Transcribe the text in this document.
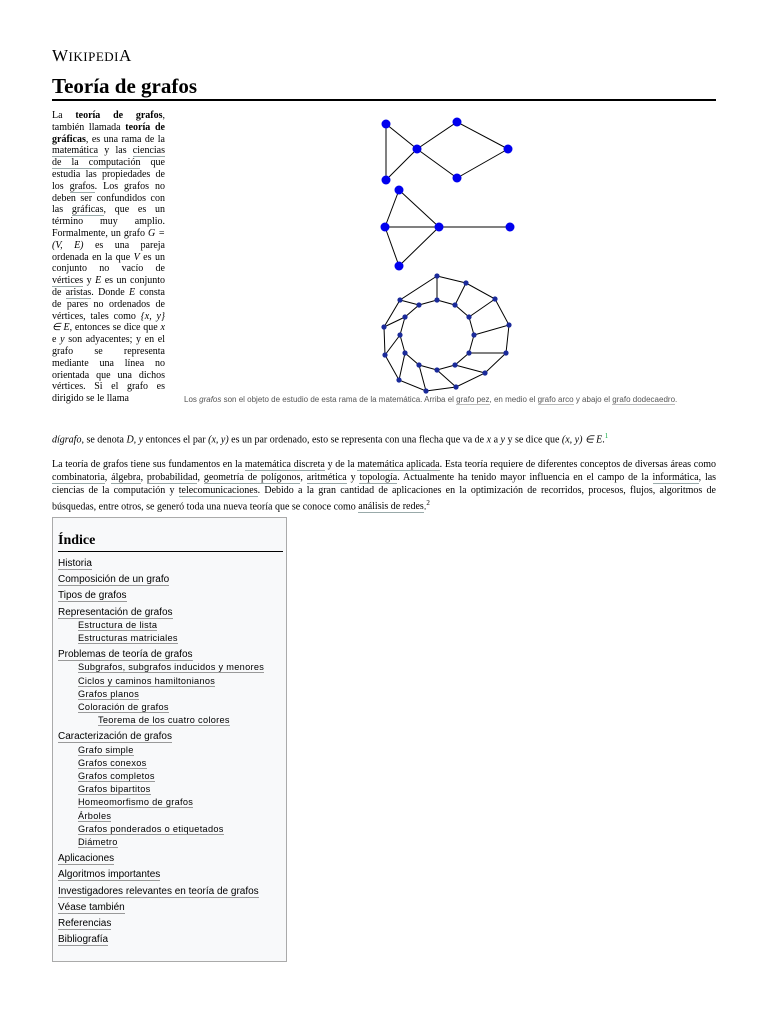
WIKIPEDIA
Teoría de grafos
La teoría de grafos, también llamada teoría de gráficas, es una rama de la matemática y las ciencias de la computación que estudia las propiedades de los grafos. Los grafos no deben ser confundidos con las gráficas, que es un término muy amplio. Formalmente, un grafo G = (V, E) es una pareja ordenada en la que V es un conjunto no vacío de vértices y E es un conjunto de aristas. Donde E consta de pares no ordenados de vértices, tales como {x, y} ∈ E, entonces se dice que x e y son adyacentes; y en el grafo se representa mediante una línea no orientada que una dichos vértices. Si el grafo es dirigido se le llama	Los grafos son el objeto de estudio de esta rama de la matemática. Arriba el grafo pez, en medio el grafo arco y abajo el grafo dodecaedro.
dígrafo, se denota D, y entonces el par (x, y) es un par ordenado, esto se representa con una flecha que va de x a y y se dice que (x, y) ∈ E.$^1$
La teoría de grafos tiene sus fundamentos en la matemática discreta y de la matemática aplicada. Esta teoría requiere de diferentes conceptos de diversas áreas como combinatoria, álgebra, probabilidad, geometría de polígonos, aritmética y topología. Actualmente ha tenido mayor influencia en el campo de la informática, las ciencias de la computación y telecomunicaciones. Debido a la gran cantidad de aplicaciones en la optimización de recorridos, procesos, flujos, algoritmos de búsquedas, entre otros, se generó toda una nueva teoría que se conoce como análisis de redes.$^2$
Índice
Historia
Composición de un grafo
Tipos de grafos
Representación de grafos
Estructura de lista
Estructuras matriciales
Problemas de teoría de grafos
Subgrafos, subgrafos inducidos y menores
Ciclos y caminos hamiltonianos
Grafos planos
Coloración de grafos
Teorema de los cuatro colores
Caracterización de grafos
Grafo simple
Grafos conexos
Grafos completos
Grafos bipartitos
Homeomorfismo de grafos
Árboles
Grafos ponderados o etiquetados
Diámetro
Aplicaciones
Algoritmos importantes
Investigadores relevantes en teoría de grafos
Véase también
Referencias
Bibliografía
